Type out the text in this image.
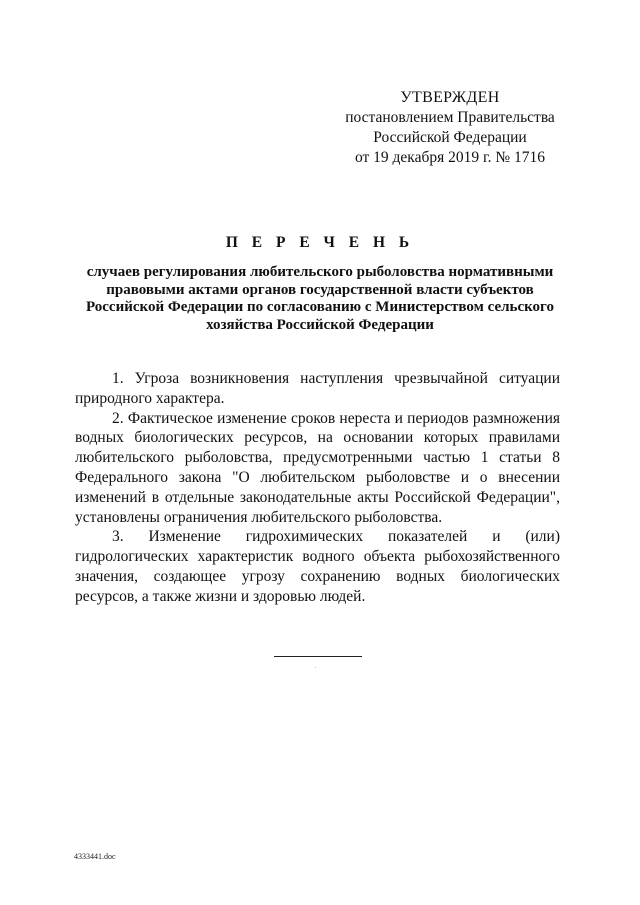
УТВЕРЖДЕН
постановлением Правительства
Российской Федерации
от 19 декабря 2019 г. № 1716
П Е Р Е Ч Е Н Ь
случаев регулирования любительского рыболовства нормативными
правовыми актами органов государственной власти субъектов
Российской Федерации по согласованию с Министерством сельского
хозяйства Российской Федерации

1. Угроза возникновения наступления чрезвычайной ситуации природного характера.

2. Фактическое изменение сроков нереста и периодов размножения водных биологических ресурсов, на основании которых правилами любительского рыболовства, предусмотренными частью 1 статьи 8 Федерального закона "О любительском рыболовстве и о внесении изменений в отдельные законодательные акты Российской Федерации", установлены ограничения любительского рыболовства.

3. Изменение гидрохимических показателей и (или) гидрологических характеристик водного объекта рыбохозяйственного значения, создающее угрозу сохранению водных биологических ресурсов, а также жизни и здоровью людей.

4333441.doc
